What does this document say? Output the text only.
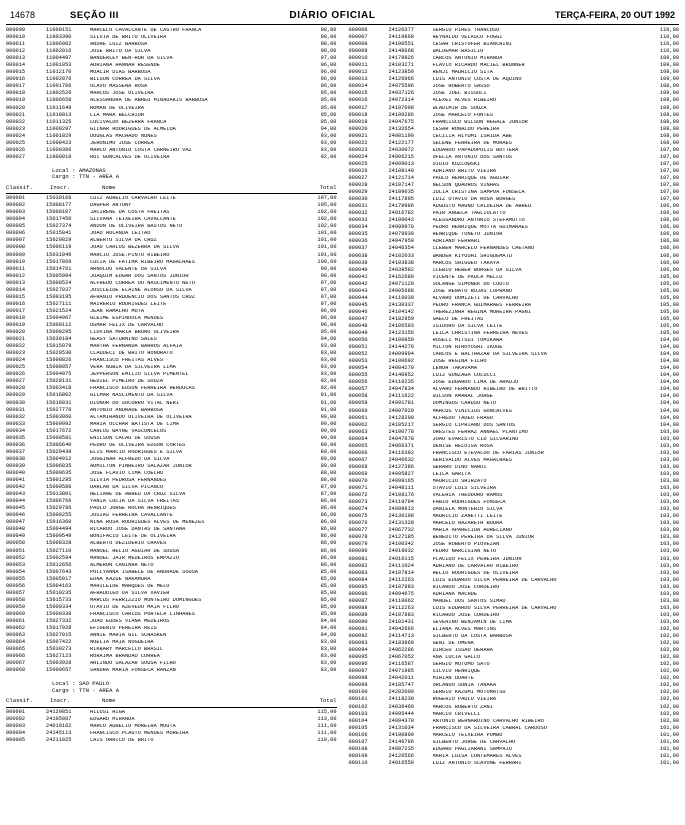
14678	SEÇÃO III	DIÁRIO OFICIAL	TERÇA-FEIRA, 20 OUT 1992
000009	11000151	MARCELO CAVALCANTE DE CASTRO FRANCA	98,00
000010	11003390	SILVIA DE BRITO OLIVEIRA	98,00
000011	11006002	ANDRE LUIZ BARBOSA	98,00
000012	11002016	JOSE BRITO DA SILVA	98,00
000013	11004497	WANDERLEY BEN-HUR DA SILVA	97,00
000014	11001053	ADRIANA HANNAH RESENDE	96,00
000015	11012170	MOACIR DIAS BARBOSA	96,00
000016	11002076	WILSON CORREA DA SILVA	96,00
000017	11001706	OLAVO MASSENA ROSA	96,00
000018	11002526	MARCOS JOSE OLIVEIRA	95,00
000019	11006658	ALESSANDRA DE ABREU MINADAKIS BARBOSA	95,00
000020	11011649	ROMAN DE OLIVEIRA	95,00
000021	11010013	LIA MARA BELCHIOR	95,00
000022	11011325	LUCIVALDO BEZERRA FRANCA	95,00
000023	11009297	GILNAR RODRIGUES DE ALMEIDA	94,00
000024	11001029	DOUGLAS MACHADO NUNES	93,00
000025	11009423	JERONIMO JOSE CORREA	93,00
000026	11000306	MARCO ANTONIO COSTA CARNEIRO VAZ	93,00
000027	11000019	RUI GONCALVES DE OLIVEIRA	92,00
Local : AMAZONAS
Cargo : TTN - AREA A
Classif.	Inscr.	Nome	Total
000001	15030168	LUIZ AURELIO CARVALHO LEITE	107,00
000002	15008177	DAGPER ANTONY	105,00
000003	15008107	JACIRENE DA COSTA FREITAS	102,00
000004	15017450	SILVANA TEIXEIRA CAVALCANTE	102,00
000005	15027374	ANDON DE OLIVEIRA BASTOS NETO	102,00
000006	15015841	JOAO HOLANDA LEITAO	101,00
000007	15029829	ALBERTO SILVA DA CRUZ	101,00
000008	15006119	JOAO CARLOS BEZERRA DA SILVA	101,00
000009	15031046	MARCIO JOSE.PINTO RIBEIRO	101,00
000010	15017869	LUCIA DE FATIMA RIBEIRO MAGALHAES	100,00
000011	15014761	ARNOLDO VALENTE DA SILVA	99,00
000012	15005994	JOAQUIM EDGAR DOS SANTOS JUNIOR	99,00
000013	15008524	ALFREDO CORREA DO NASCIMENTO NETO	97,00
000014	15027037	JOSCLEIDE ELAINE ALONSO DA SILVA	97,00
000015	15003195	AFRANIO PRUDENCIO DOS SANTOS CRUZ	97,00
000016	15027111	MAIRERIO RODRIGUES LEITE	97,00
000017	15021524	JEAN RAMALHO MOTA	96,00
000018	15004967	GLEIME ESPINDOLA MENDES	96,00
000019	15000112	OSMAR FELIX DE CARVALHO	96,00
000020	15009295	LIDVINA MARIA BRUNO OLIVEIRA	95,00
000021	15030184	GEASY SATURNINO SALES	94,00
000022	15015079	MARTHA FERNANDA BARROS ALFAIA	93,00
000023	15029530	CLAUDECI DE BRITO HONORATO	93,00
000024	15008826	FRANCISCO FREITAS ALVES	93,00
000025	15008057	VERA NUBIA DA SILVEIRA LIMA	93,00
000026	15004075	JEPPERSON EMILIO SILVA PIMENTEL	93,00
000027	15028131	GEDIEL PIMEIRO DE SOUZA	92,00
000028	15003418	FRANCISCO EDSON FERREIRA HERDUCAS	92,00
000029	15016802	GILMAR NASCIMENTO DA SILVA	91,00
000030	15018931	DIONOR DO SOCORRO VITAL NERI	91,00
000031	15027776	ANTONIO ANDRADE BARBOSA	91,00
000032	15003060	ALTAMIRANDO OLIVEIRA DE OLIVEIRA	90,00
000033	15009992	MARIA OLCHAR BATISTA DE LIMA	90,00
000034	15017672	CARLOS WAYNE VASCONCELOS	90,00
000035	15000581	ENILSON CACAU DE SOUSA	90,00
000036	15006640	PEDRO DE OLIVEIRA EDSON CORTES	89,00
000037	15029439	ELIS MARCIO RODRIGUES E SILVA	89,00
000038	15004912	JOGGINAR ALFREDO DA SILVA	89,00
000039	15006835	ADMILTON PINHEIRO SALAZAR JUNIOR	89,00
000040	15000635	JOSE FLAVIO LIMA COELHO	88,00
000041	15001295	SILVIA PEDROSA FERNANDES	88,00
000042	15000586	DARLAN DA SILVA PICANCO	87,00
000043	15013801	HELIANE DE ABREU DA CRUZ SILVA	87,00
000044	15006766	YANIA LUCIA DA SILVA FREITAS	86,00
000045	15029786	PAULO JORGE ROCHA HENRIQUES	86,00
000046	15000255	JOSIAS FERREIRA CAVALCANTE	86,00
000047	15016360	NINA ROSA RODRIGUES ALVES DE MENEZES	86,00
000048	15004494	RICARDO JOSE DANTAS DE SANTANA	86,00
000049	15000549	BONIFACIO LEITE DE OLIVEIRA	86,00
000050	15008328	ALBERTO DEZIDERIO CHAVES	86,00
000051	15027110	MANOEL HELIO AGUIAR DE SOUSA	86,00
000052	15002594	MANOEL JAIR MEDEIROS EMPAZIO	86,00
000053	15012656	ALMERON CANINHA NETO	86,00
000054	15007643	POLLYANNA ISABELE DE ANDRADE SOUSA	85,00
000055	15005917	EDNA KAZUE NAKAMURA	85,00
000056	15004163	MARILEIDE MARQUES DE MELO	85,00
000057	15010235	AFRAUDIEO DA SILVA XAVIER	85,00
000058	15015733	MARCUS FERRIZZIO MONTEIRO DOMINGUES	85,00
000059	15000334	OTAVIO DE AZEVEDO MAIA FILHO	85,00
000060	15000338	FRANCISCO CARLOS PORTELA LINHARES	85,00
000061	15027332	JOAO EUDES VIANA MEDEIROS	84,00
000062	15017928	EFIGENIO PEREIRA REIS	84,00
000063	15027015	ANNIE MARIA GIL SCHASKEN	84,00
000064	15007422	NOELIA MAIA NOGUEIRA	83,00
000065	15030273	RIKBARY MARCELLO BRASIL	83,00
000066	15027123	RORAIMA BRANDAO CORREA	83,00
000067	15003928	ARLINDO SALAZAR SOUSA FILHO	83,00
000068	15000657	SANDRA MARIA FONSECA RANZAN	83,00
Local : SAO PAULO
Cargo : TTN - AREA A
Classif.	Inscr.	Nome	Total
000001	24129851	HILOSI HIGA	115,00
000002	24105087	EDGARD MIRANDA	113,00
000003	24010162	MARCO AURELIO MOREIRA MOUTA	111,00
000004	24145113	FRANCISCO PLAUTO MENDES MOREIRA	111,00
000005	24211025	LAIS ORRICO DE BRITO	110,00
000006	24120377	SERGIO PIRES TRANCOSO	110,00
000007	24119868	REYNALDO VELASCO FOGGI	110,00
000008	24100551	CESAR CRISTOFER BIANCHINI	110,00
000009	24148668	WALDEMAR BASILIO	110,00
000010	24178826	CARLOS ANTONIO MIRANDA	109,00
000011	24103271	FLAVIO RICARDO MACIEL BRUNNER	109,00
000012	24123859	RENJI MAURICIO SITA	108,00
000013	24126966	LUIS ANTONIO COSTA DE AQUINO	109,00
000014	24075596	JOSE ROBERTO SASSO	108,00
000015	24037126	JOSE JOEL BISSOLI	109,00
000016	24072314	ALEXEI ALVES RIBEIRO	108,00
000017	24187098	WLADIMIR DE SOUZA	108,00
000018	24100286	JOSE MARCELO FONTES	108,00
000019	24047675	FRANCISCO WILSON HEGALE JUNIOR	108,00
000020	24132654	CESAR RONALDO PEREIRA	108,00
000021	24081190	CECILIA HIYUMI ISHIDA ABE	108,00
000022	24122177	SELENE FERREIRA DE MORAES	108,00
000023	24030072	EDUARDO PAPADOPOLIS BOTTERA	107,00
000024	24006215	OFELIA ANTONIO DOS SANTOS	107,00
000025	24009013	DIDIO KOZLOWSKI	107,00
000026	24108140	ADRIANO BRITO VIEIRA	107,00
000027	24121714	PAULO HENRIQUE DE AGUIAR	107,00
000028	24107147	NELSON QUADROS VINHAS	107,00
000029	24109035	JULIA CRISTINA SAMPOA FONSECA	107,00
000030	24117895	LUIZ OTAVIO DA ROSA BORGES	107,00
000031	24179986	AUGUSTO MAGNO CALDEIRA DE ABREU	106,00
000032	24016782	PAIR ANGELA TAGLIOLATTO	106,00
000033	24100042	ALESSANDRO ANTONIO STEFAMUTTO	106,00
000034	24099978	PEDRO HENRIQUE MOTTA GUIMARAES	106,00
000035	24079939	HENRIQUE TONETO JUNIOR	106,00
000036	24047959	ADRIANO FERRARI	106,00
000037	24046354	CLEBER MARCELO FERNANDES CAETANO	106,00
000038	24102033	WANDER KIYOSHI SHIGUEMATU	106,00
000039	24103838	MARCOS SHIGUEO TAKAYA	106,00
000040	24039582	CLEBIO HEBER BORGES DA SILVA	106,00
000041	24162680	VICENTE DE PAULA MELLO	105,00
000042	24071120	SOLANGE SIMONEK DO COUTO	105,00
000043	24005688	JOSE RENATO ROJAS LOPRANO	105,00
000044	24110030	ALVARO DOMIZETI DE CARVALHO	105,00
000045	24130337	PEDRO FRANCA GUIMARAES FERREIRA	105,00
000046	24104142	THEREZINHA REGINA MOREIRA PAGNI	105,00
000047	24182959	GAELO DE FREITAS	105,00
000048	24106593	ISIDORO DA SILVA LEITE	105,00
000049	24123156	LEILA CHRISTINA FERREIRA NEVES	105,00
000050	24100850	ROSELI MITSUI TOMIKAWA	104,00
000051	24144278	MILTON HIROYOSHI IKOUE	104,00
000052	24099994	CARLOS E BALTHAZAR DA SILVEIRA SILVA	104,00
000053	24100692	JOSE REGINA FILHO	104,00
000054	24084270	LENOH TAKAVAMA	104,00
000055	24140952	LUIZ GONZAGA COLUCCI	104,00
000056	24110235	JOSE EDUARDO LIMA DE ARAUJO	104,00
000057	24047834	ALVARO FERNANDO RIBEIRO DE BRITTO	104,00
000058	24111622	WILSON AMARAL JORGE	104,00
000059	24091781	DOMINGOS CARUSO NETO	104,00
000060	24007020	MARCUS VINICIUS GONCALVES	104,00
000061	24128200	ALFREDO TADEO FRAGO	104,00
000062	24105217	SERGIO CIPRIANO DOS SANTOS	104,00
000063	24100778	ORESTES FERRAZ ANNAEL PLANTIMO	103,00
000064	24047678	JOAO EVARISTO CID SILVARINO	103,00
000065	24066371	DENISE RELOISA ROSA	103,00
000066	24116392	FRANCISCO ETEVALDO DE FARIAS JUNIOR	103,00
000067	24046632	GERIVALDO ALVES MAGALHAES	103,00
000068	24127386	GERARO DINO NARDI	103,00
000069	24095827	LEILA GARITA	103,00
000070	24099165	MAURICIO SHIRZATO	103,00
000071	24048111	OTAVIO LUIS SILVEIRA	103,00
000072	24108176	VALERIA THEODORO RAMOS	103,00
000073	24119794	FABIO RODRIGUES FONSECA	103,00
000074	24099613	DANIELA MONTERIO SILVA	103,00
000075	24130198	MAURICIO ZANETTI LEITE	103,00
000076	24131328	MARCELO NAZARETH BOURA	103,00
000077	24067732	MARIA APARECIDA AURELIANO	103,00
000078	24127185	BENEDITO PEREIRA DA SILVA JUNIOR	103,00
000079	24100342	JOSE ROBERTO PIOVEZAN	103,00
000080	24019032	PEDRO NARCISIAN NETO	103,00
000081	24010115	PLACIDO FELIX PEREIRA JUNIOR	103,00
000082	24111024	ADRIANO DE CARVALHO RIBEIRO	103,00
000083	24107814	HELIO RODRIGUES DE OLIVEIRA	103,00
000084	24112263	LUIS EDUARDO SILVA PERREIRA DE CARVALHO	103,00
000085	24107883	RICARDO JOSE CORDEIRO	103,00
000086	24094675	ADRIANA MACHDE	103,00
000087	24110062	MANUEL DOS SANTOS SIMAO	103,00
000088	24112263	LUIS EDUARDO SILVA PERREIRA DE CARVALHO	103,00
000089	24107883	RICARDO JOSE CORDEIRO	103,00
000090	24101431	SEVERINO BENJAMIN DE LIMA	103,00
000091	24042666	ELIANA ALVES MARTINS	102,00
000092	24114713	GILBERTO DA COSTA BARBOSA	102,00
000093	24183960	GENI DE OMENA	102,00
000094	24062286	DIRCEU ISSAO UEHARA	102,00
000095	24067052	ANA LUCIA GALLO	102,00
000096	24116587	SERGIO MOTOMO SATO	102,00
000097	24071985	SILVIO HENRIQUE	102,00
000098	24042011	MIRIAN DUARTE	102,00
000099	24185747	ORLANDO SONIA TANAKA	102,00
000100	24202009	SERGIO KAZUMI MOTOMATSU	102,00
000101	24118239	ROGERIO PAULO VIEIRA	102,00
000102	24036460	MARCOS ROBERTO ZANI	102,00
000103	24095444	MARCIO CRIVELLI	102,00
000104	24094378	ANTONIO BERNARDINO CARVALHO RIBEIRO	102,00
000105	24131034	FRANCISCO DA SILVEIRA CABRAL CARDOSO	101,00
000106	24100800	MARCELO TEIXEIRA POMBO	101,00
000107	24146786	GILBERTO JORGE DE CARVALHO	101,00
000108	24087235	EDGARD PAGLIARANI SAMPAIO	101,00
000109	24126566	MARIA LUISA CONTEMARES ALVES	101,00
000110	24016550	LUIZ ANTONIO SCAVONE FERRARI	101,00
